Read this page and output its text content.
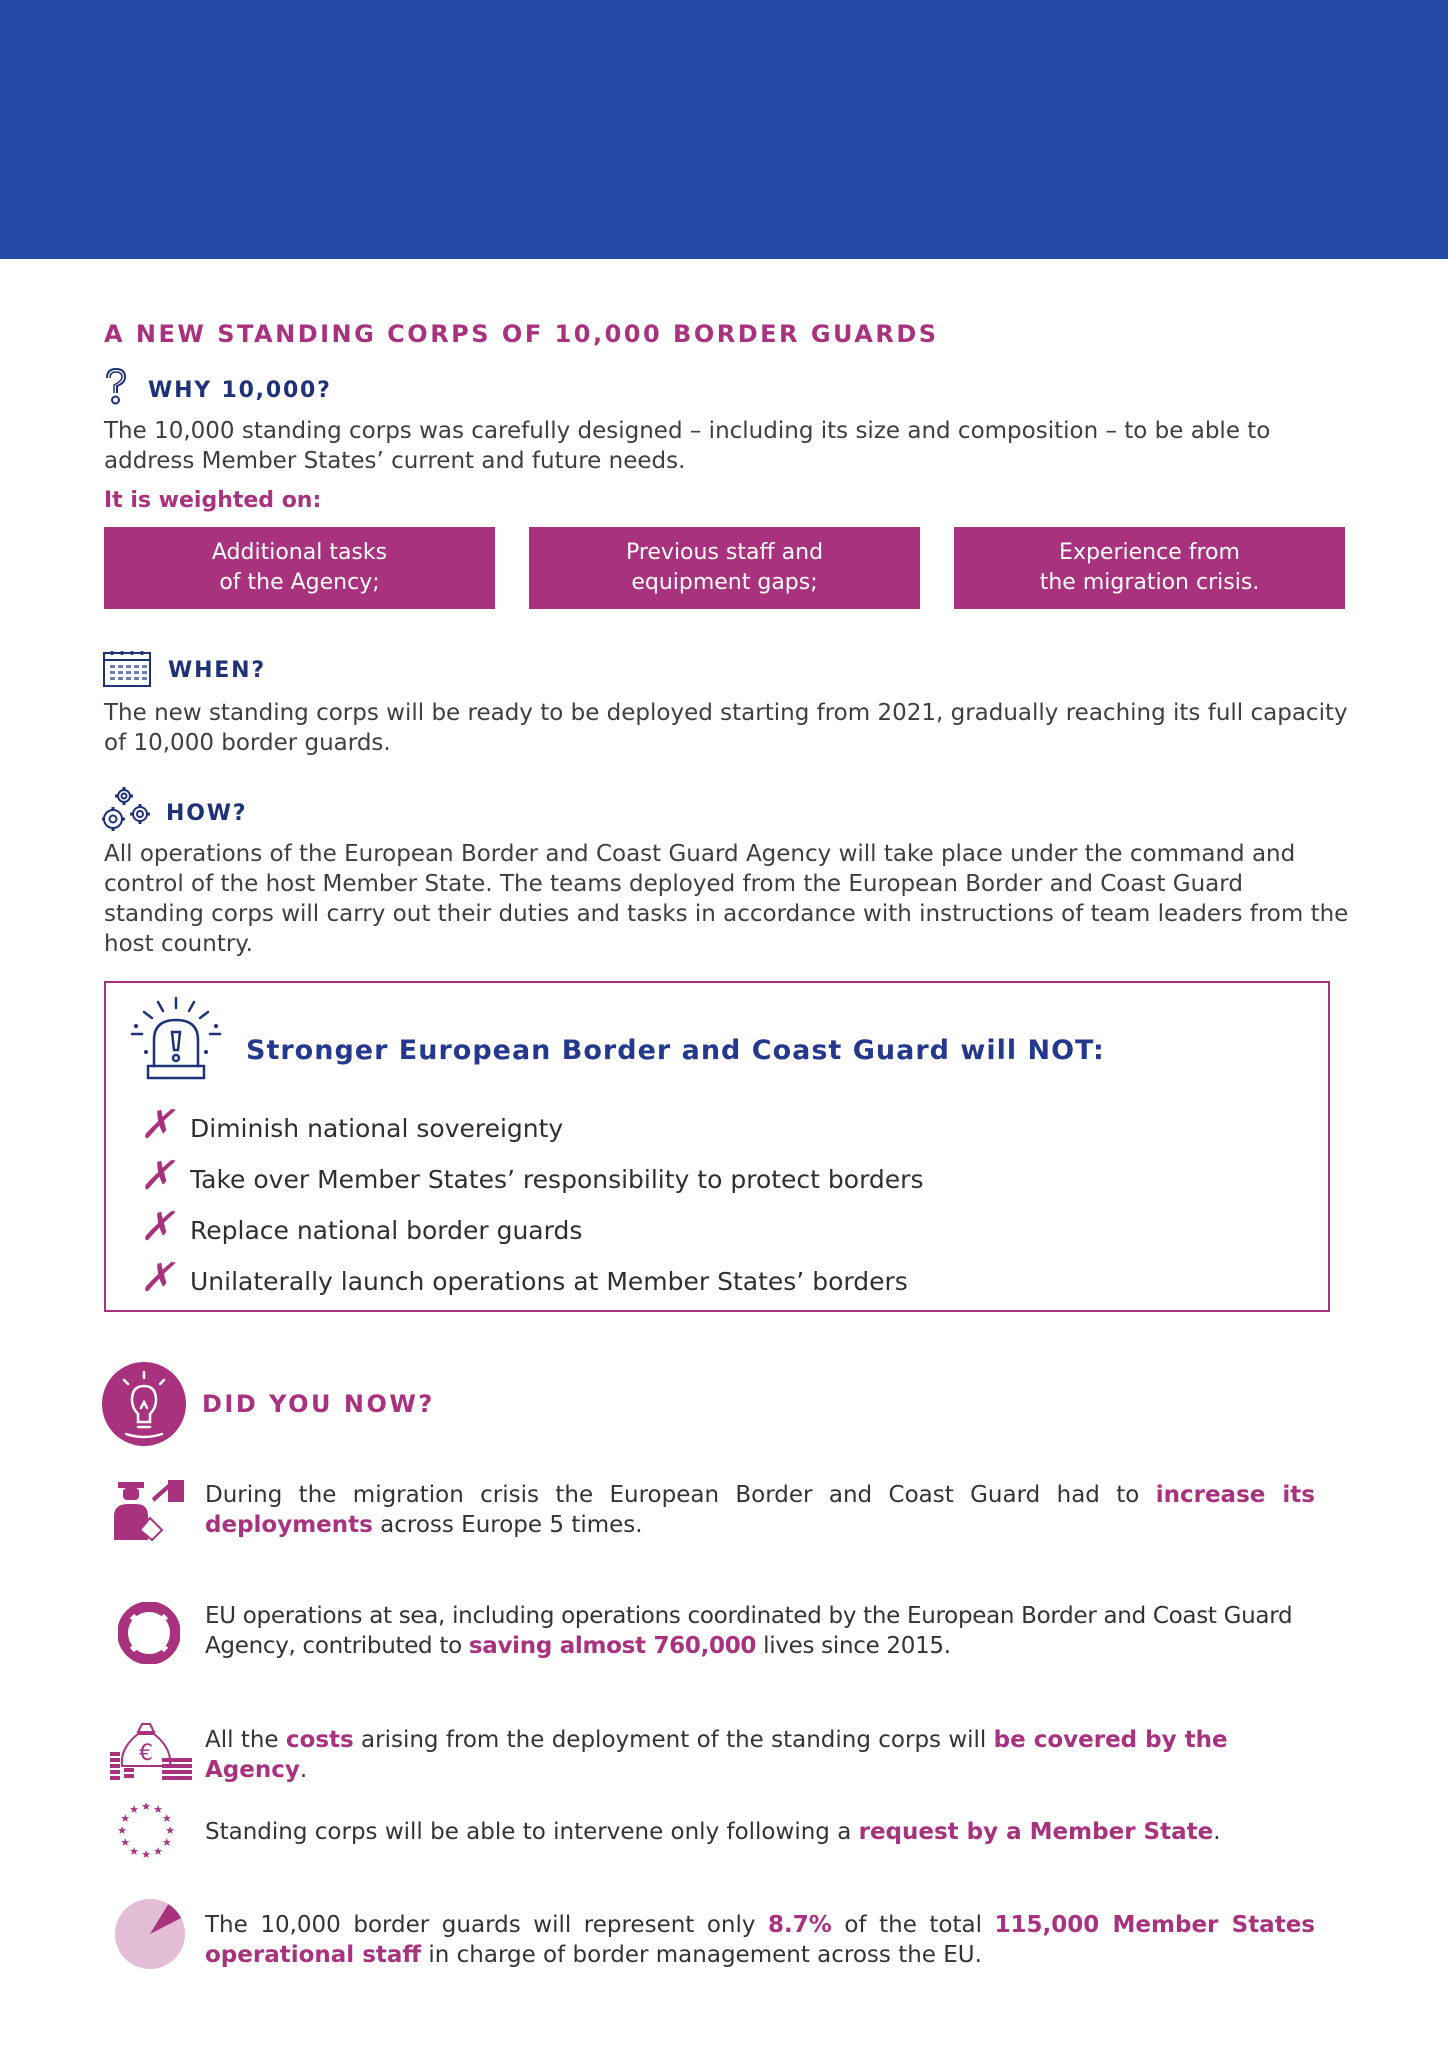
A NEW STANDING CORPS OF 10,000 BORDER GUARDS
WHY 10,000?

The 10,000 standing corps was carefully designed – including its size and composition – to be able to address Member States’ current and future needs.

It is weighted on:

Additional tasks
of the Agency;
Previous staff and
equipment gaps;
Experience from
the migration crisis.
WHEN?

The new standing corps will be ready to be deployed starting from 2021, gradually reaching its full capacity of 10,000 border guards.

HOW?

All operations of the European Border and Coast Guard Agency will take place under the command and control of the host Member State. The teams deployed from the European Border and Coast Guard standing corps will carry out their duties and tasks in accordance with instructions of team leaders from the host country.

Stronger European Border and Coast Guard will NOT:
✗ Diminish national sovereignty

✗ Take over Member States’ responsibility to protect borders

✗ Replace national border guards

✗ Unilaterally launch operations at Member States’ borders

DID YOU NOW?

During the migration crisis the European Border and Coast Guard had to increase its deployments across Europe 5 times.

EU operations at sea, including operations coordinated by the European Border and Coast Guard Agency, contributed to saving almost 760,000 lives since 2015.

€

All the costs arising from the deployment of the standing corps will be covered by the Agency.

★ ★
★
★
★
★
★
★
★
★
★
★

Standing corps will be able to intervene only following a request by a Member State.

The 10,000 border guards will represent only 8.7% of the total 115,000 Member States operational staff in charge of border management across the EU.
